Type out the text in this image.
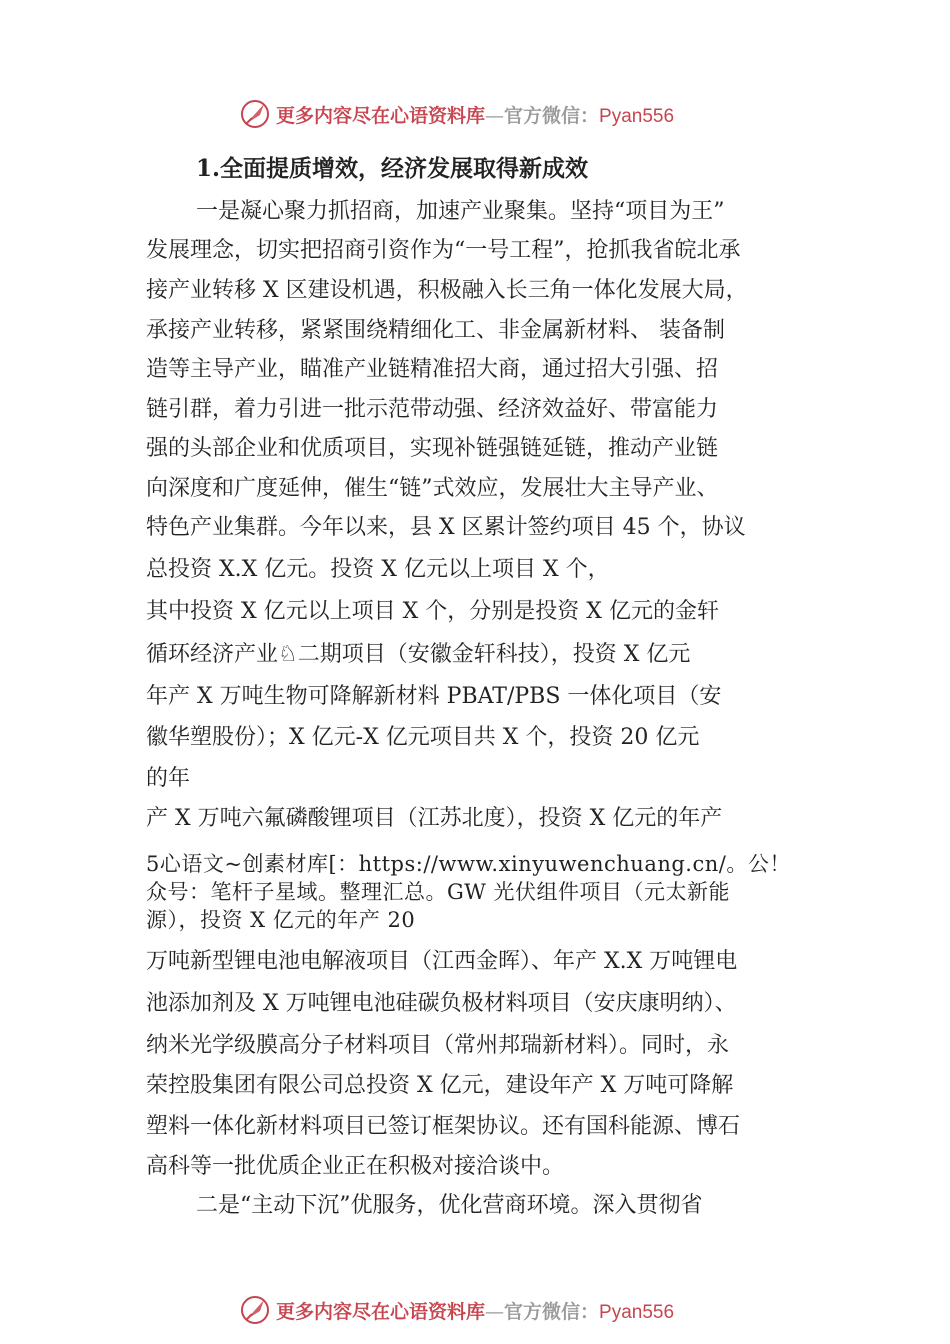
更多内容尽在心语资料库—官方微信：Pyan556
1.全面提质增效，经济发展取得新成效
一是凝心聚力抓招商，加速产业聚集。坚持“项目为王”
发展理念，切实把招商引资作为“一号工程”，抢抓我省皖北承
接产业转移 X 区建设机遇，积极融入长三角一体化发展大局，
承接产业转移，紧紧围绕精细化工、非金属新材料、 装备制
造等主导产业，瞄准产业链精准招大商，通过招大引强、招
链引群，着力引进一批示范带动强、经济效益好、带富能力
强的头部企业和优质项目，实现补链强链延链，推动产业链
向深度和广度延伸，催生“链”式效应，发展壮大主导产业、
特色产业集群。今年以来，县 X 区累计签约项目 45 个，协议
总投资 X.X 亿元。投资 X 亿元以上项目 X 个，
其中投资 X 亿元以上项目 X 个，分别是投资 X 亿元的金轩
循环经济产业♘二期项目（安徽金轩科技），投资 X 亿元
年产 X 万吨生物可降解新材料 PBAT/PBS 一体化项目（安
徽华塑股份）；X 亿元-X 亿元项目共 X 个，投资 20 亿元
的年
产 X 万吨六氟磷酸锂项目（江苏北度），投资 X 亿元的年产
5心语文~创素材库[：https://www.xinyuwenchuang.cn/。公！
众号：笔杆子星域。整理汇总。GW 光伏组件项目（元太新能
源），投资 X 亿元的年产 20
万吨新型锂电池电解液项目（江西金晖）、年产 X.X 万吨锂电
池添加剂及 X 万吨锂电池硅碳负极材料项目（安庆康明纳）、
纳米光学级膜高分子材料项目（常州邦瑞新材料）。同时，永
荣控股集团有限公司总投资 X 亿元，建设年产 X 万吨可降解
塑料一体化新材料项目已签订框架协议。还有国科能源、博石
高科等一批优质企业正在积极对接洽谈中。
二是“主动下沉”优服务，优化营商环境。深入贯彻省
更多内容尽在心语资料库—官方微信：Pyan556
